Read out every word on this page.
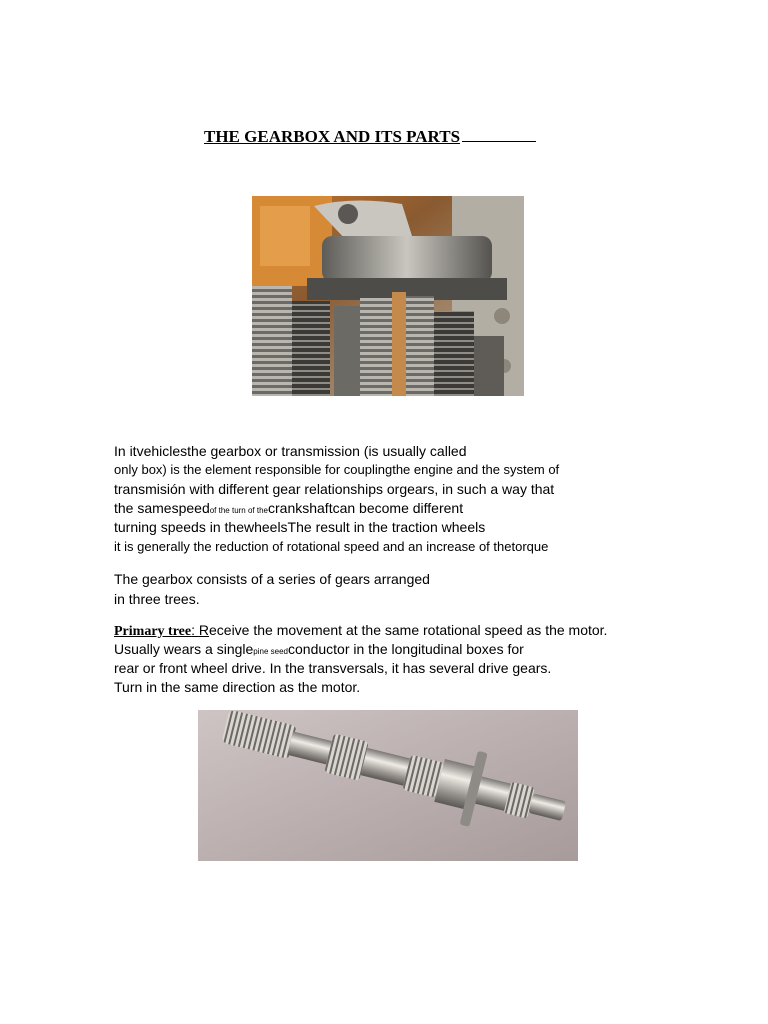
THE GEARBOX AND ITS PARTS
In itvehiclesthe gearbox or transmission (is usually called
only box) is the element responsible for couplingthe engine and the system of
transmisión with different gear relationships orgears, in such a way that
the samespeedof the turn of thecrankshaftcan become different
turning speeds in thewheelsThe result in the traction wheels
it is generally the reduction of rotational speed and an increase of thetorque
The gearbox consists of a series of gears arranged
in three trees.
Primary tree: Receive the movement at the same rotational speed as the motor.
Usually wears a singlepine seedconductor in the longitudinal boxes for
rear or front wheel drive. In the transversals, it has several drive gears.
Turn in the same direction as the motor.
